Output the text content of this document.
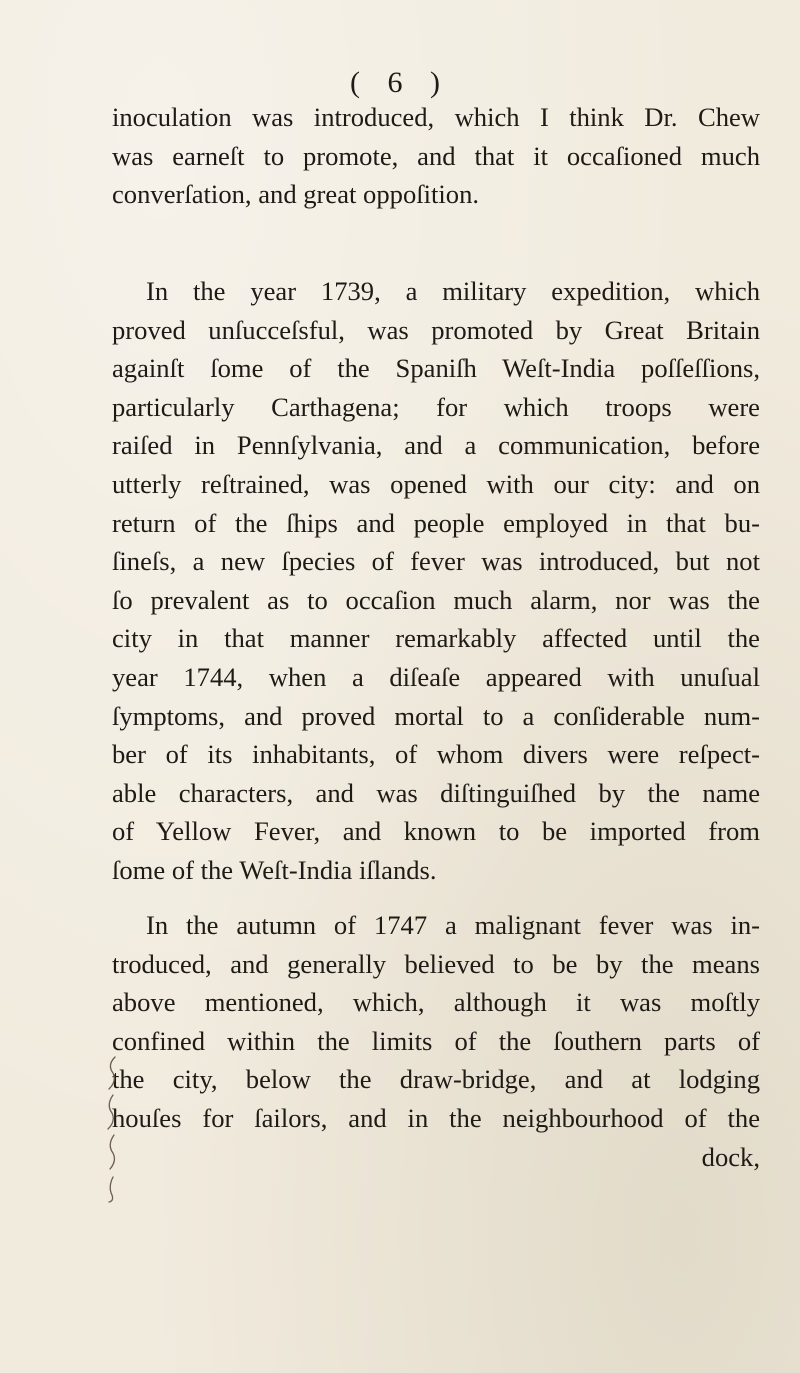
( 6 )
inoculation was introduced, which I think Dr. Chew
was earneſt to promote, and that it occaſioned much
converſation, and great oppoſition.
In the year 1739, a military expedition, which
proved unſucceſsful, was promoted by Great Britain
againſt ſome of the Spaniſh Weſt-India poſſeſſions,
particularly Carthagena; for which troops were
raiſed in Pennſylvania, and a communication, before
utterly reſtrained, was opened with our city: and on
return of the ſhips and people employed in that bu-
ſineſs, a new ſpecies of fever was introduced, but not
ſo prevalent as to occaſion much alarm, nor was the
city in that manner remarkably affected until the
year 1744, when a diſeaſe appeared with unuſual
ſymptoms, and proved mortal to a conſiderable num-
ber of its inhabitants, of whom divers were reſpect-
able characters, and was diſtinguiſhed by the name
of Yellow Fever, and known to be imported from
ſome of the Weſt-India iſlands.
In the autumn of 1747 a malignant fever was in-
troduced, and generally believed to be by the means
above mentioned, which, although it was moſtly
confined within the limits of the ſouthern parts of
the city, below the draw-bridge, and at lodging
houſes for ſailors, and in the neighbourhood of the
dock,
